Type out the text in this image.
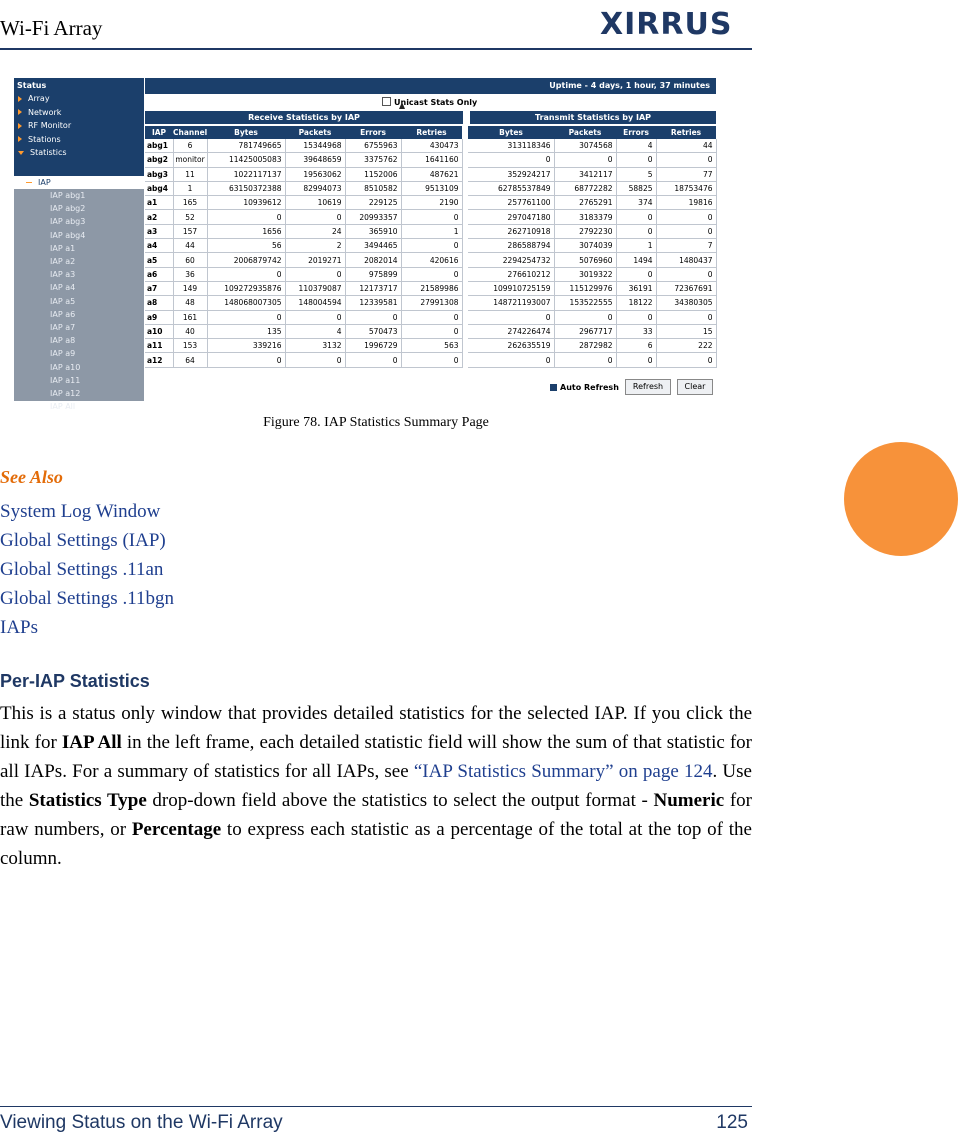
Wi-Fi Array	XIRRUS
Status
Array
Network
RF Monitor
Stations
Statistics
IAP
IAP abg1
IAP abg2
IAP abg3
IAP abg4
IAP a1
IAP a2
IAP a3
IAP a4
IAP a5
IAP a6
IAP a7
IAP a8
IAP a9
IAP a10
IAP a11
IAP a12
IAP All
Uptime - 4 days, 1 hour, 37 minutes
Unicast Stats Only
Receive Statistics by IAP	Transmit Statistics by IAP
IAP	Channel	Bytes	Packets	Errors	Retries		Bytes	Packets	Errors	Retries
abg1	6	781749665	15344968	6755963	430473		313118346	3074568	4	44
abg2	monitor	11425005083	39648659	3375762	1641160		0	0	0	0
abg3	11	1022117137	19563062	1152006	487621		352924217	3412117	5	77
abg4	1	63150372388	82994073	8510582	9513109		62785537849	68772282	58825	18753476
a1	165	10939612	10619	229125	2190		257761100	2765291	374	19816
a2	52	0	0	20993357	0		297047180	3183379	0	0
a3	157	1656	24	365910	1		262710918	2792230	0	0
a4	44	56	2	3494465	0		286588794	3074039	1	7
a5	60	2006879742	2019271	2082014	420616		2294254732	5076960	1494	1480437
a6	36	0	0	975899	0		276610212	3019322	0	0
a7	149	109272935876	110379087	12173717	21589986		109910725159	115129976	36191	72367691
a8	48	148068007305	148004594	12339581	27991308		148721193007	153522555	18122	34380305
a9	161	0	0	0	0		0	0	0	0
a10	40	135	4	570473	0		274226474	2967717	33	15
a11	153	339216	3132	1996729	563		262635519	2872982	6	222
a12	64	0	0	0	0		0	0	0	0
Auto Refresh	Refresh	Clear
Figure 78. IAP Statistics Summary Page
See Also
System Log Window
Global Settings (IAP)
Global Settings .11an
Global Settings .11bgn
IAPs
Per-IAP Statistics
This is a status only window that provides detailed statistics for the selected IAP. If you click the link for IAP All in the left frame, each detailed statistic field will show the sum of that statistic for all IAPs. For a summary of statistics for all IAPs, see “IAP Statistics Summary” on page 124. Use the Statistics Type drop-down field above the statistics to select the output format - Numeric for raw numbers, or Percentage to express each statistic as a percentage of the total at the top of the column.
Viewing Status on the Wi-Fi Array	125
